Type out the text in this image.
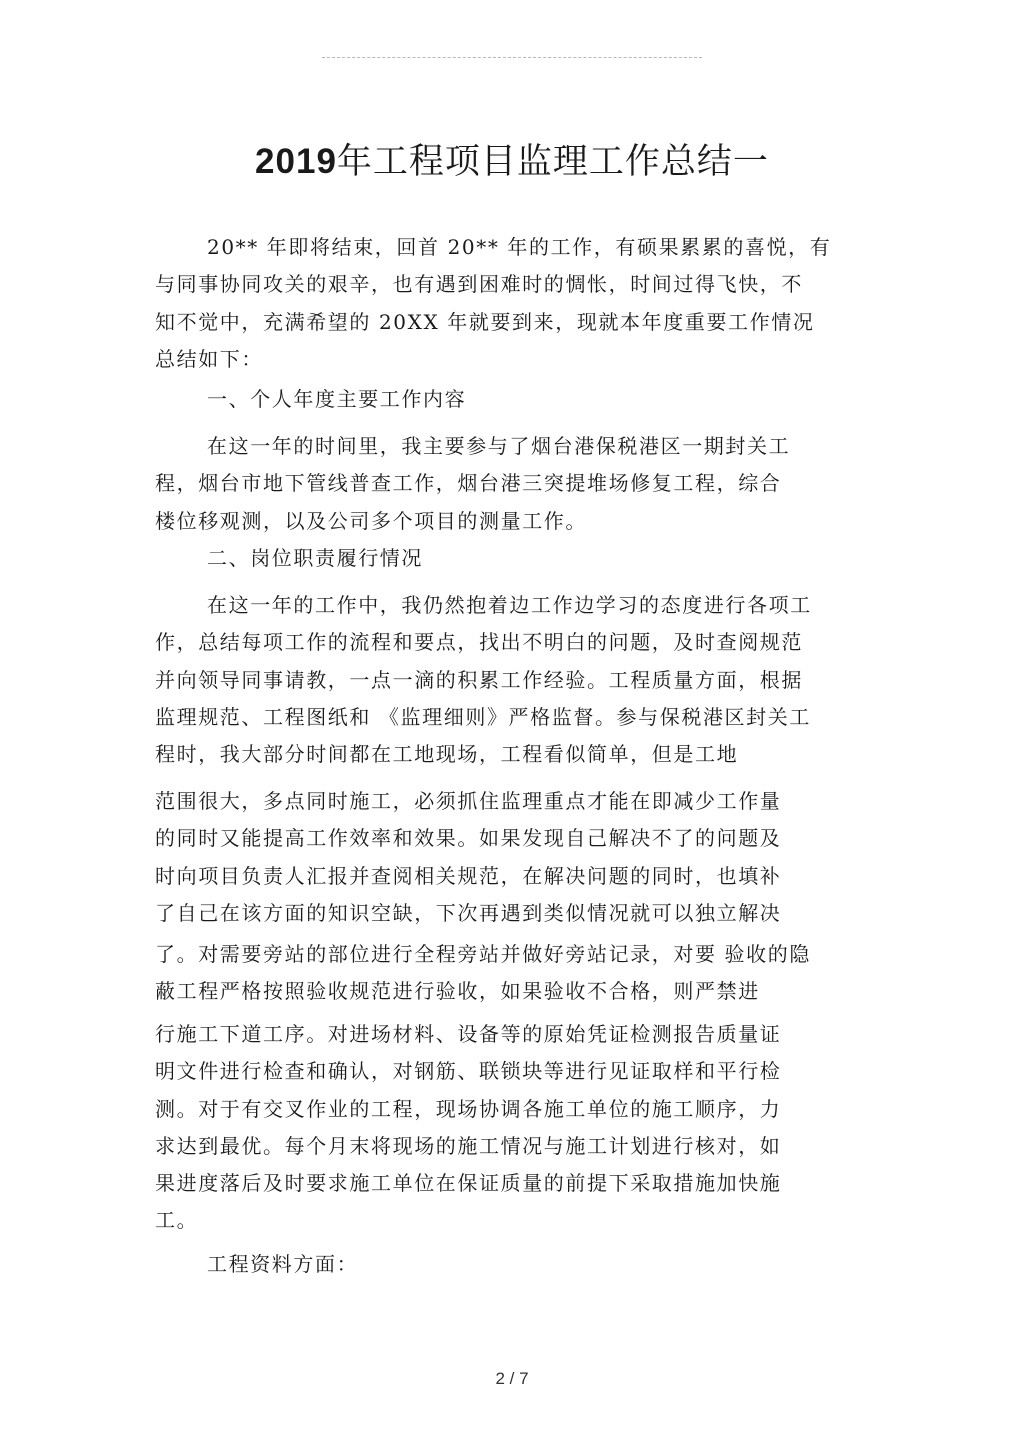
2019年工程项目监理工作总结一

20** 年即将结束，回首 20** 年的工作，有硕果累累的喜悦，有
与同事协同攻关的艰辛，也有遇到困难时的惆怅，时间过得飞快，不
知不觉中，充满希望的 20XX 年就要到来，现就本年度重要工作情况
总结如下：

一、个人年度主要工作内容

在这一年的时间里，我主要参与了烟台港保税港区一期封关工
程，烟台市地下管线普查工作，烟台港三突提堆场修复工程，综合
楼位移观测，以及公司多个项目的测量工作。

二、岗位职责履行情况

在这一年的工作中，我仍然抱着边工作边学习的态度进行各项工
作，总结每项工作的流程和要点，找出不明白的问题，及时查阅规范
并向领导同事请教，一点一滴的积累工作经验。工程质量方面，根据
监理规范、工程图纸和 《监理细则》严格监督。参与保税港区封关工
程时，我大部分时间都在工地现场，工程看似简单，但是工地

范围很大，多点同时施工，必须抓住监理重点才能在即减少工作量
的同时又能提高工作效率和效果。如果发现自己解决不了的问题及
时向项目负责人汇报并查阅相关规范，在解决问题的同时，也填补
了自己在该方面的知识空缺，下次再遇到类似情况就可以独立解决

了。对需要旁站的部位进行全程旁站并做好旁站记录，对要 验收的隐
蔽工程严格按照验收规范进行验收，如果验收不合格，则严禁进

行施工下道工序。对进场材料、设备等的原始凭证检测报告质量证
明文件进行检查和确认，对钢筋、联锁块等进行见证取样和平行检
测。对于有交叉作业的工程，现场协调各施工单位的施工顺序，力
求达到最优。每个月末将现场的施工情况与施工计划进行核对，如
果进度落后及时要求施工单位在保证质量的前提下采取措施加快施
工。

工程资料方面：

2 / 7
